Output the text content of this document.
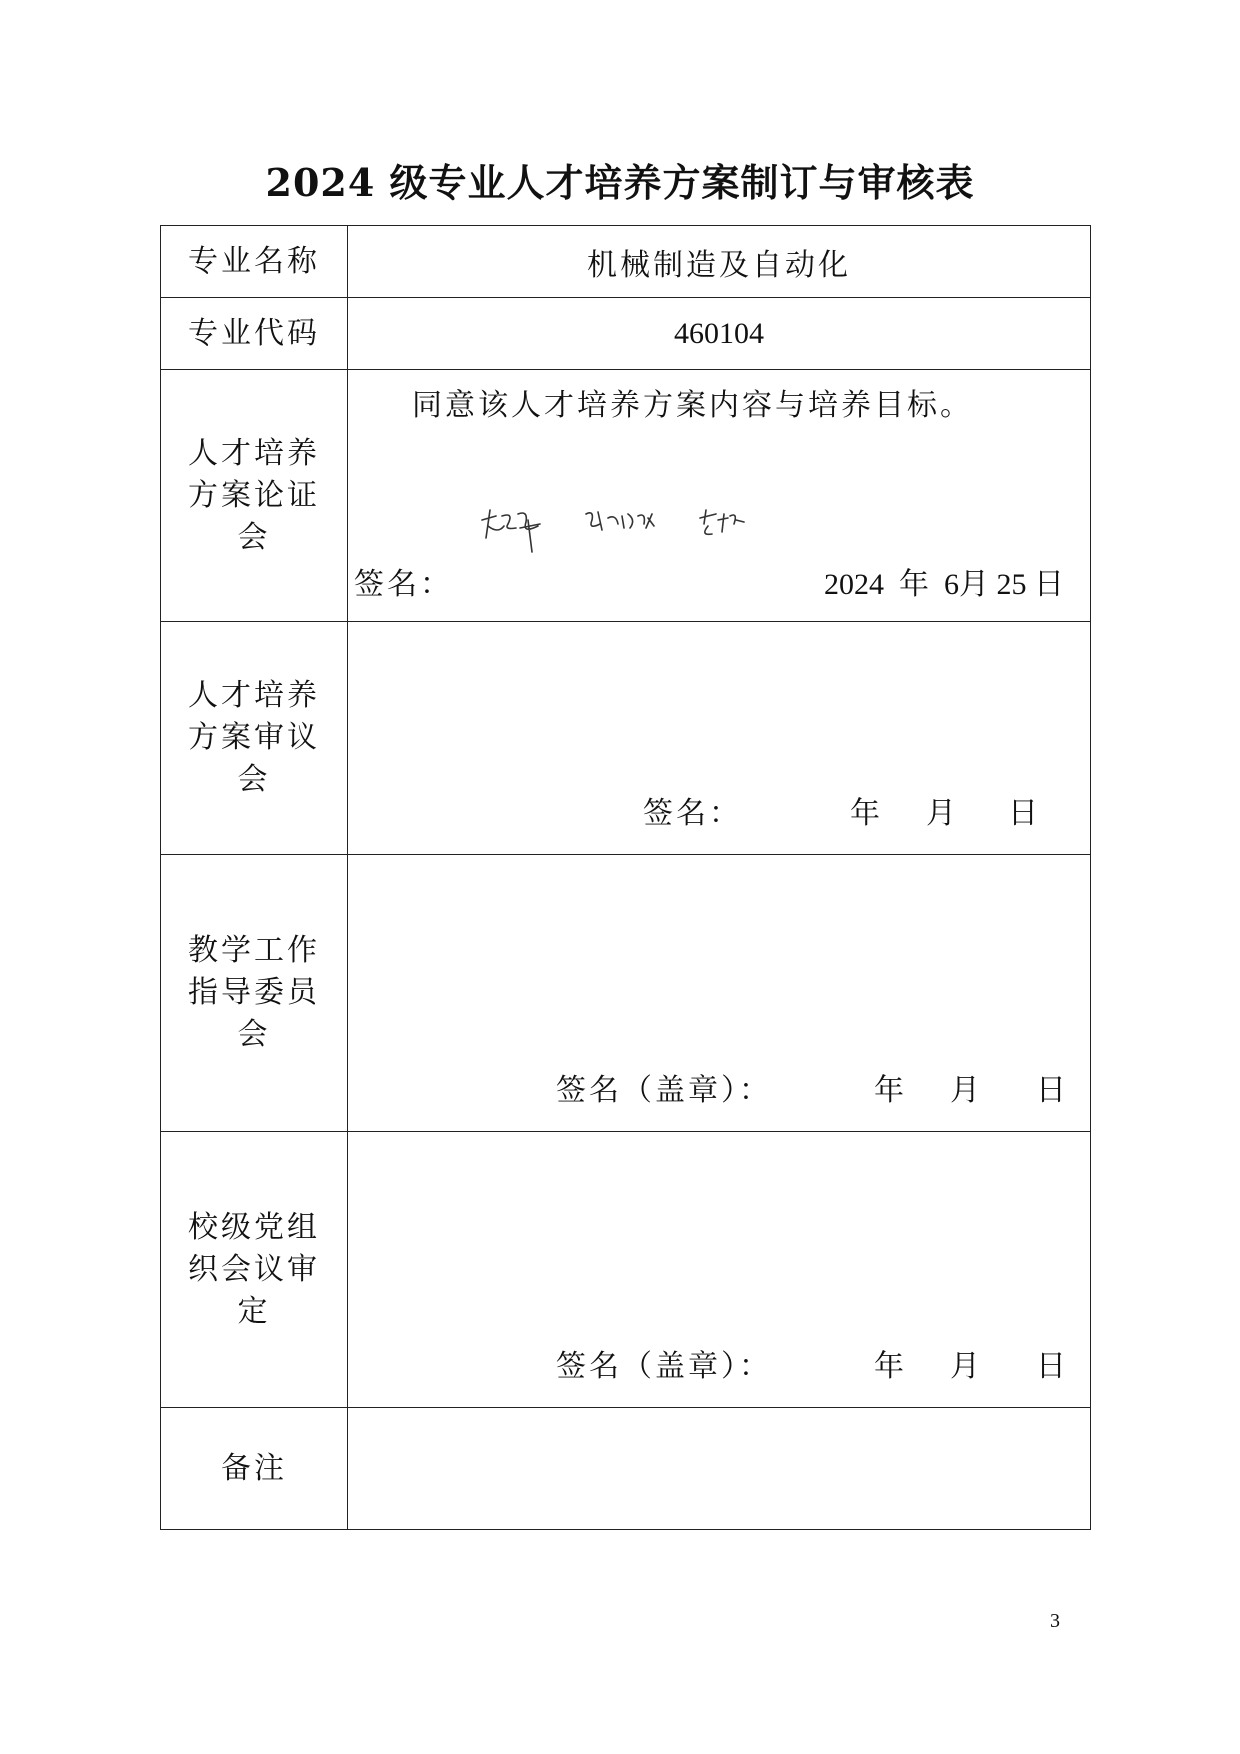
2024 级专业人才培养方案制订与审核表
专业名称	机械制造及自动化
专业代码	460104
人才培养方案论证会	同意该人才培养方案内容与培养目标。
签名： 2024 年 6月 25 日

人才培养方案审议会	签名： 年 月 日

教学工作指导委员会	签名（盖章）： 年 月 日

校级党组织会议审定	签名（盖章）： 年 月 日

备注	
3
